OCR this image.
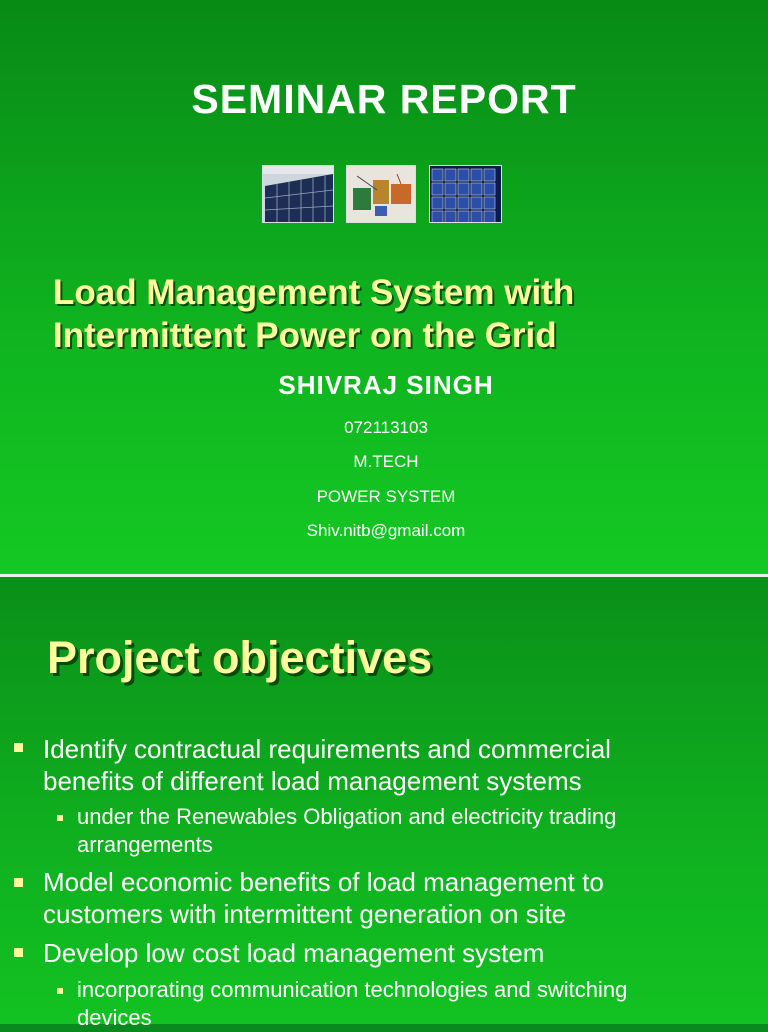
SEMINAR REPORT
Load Management System with
Intermittent Power on the Grid
SHIVRAJ SINGH
072113103
M.TECH
POWER SYSTEM
Shiv.nitb@gmail.com
Project objectives
Identify contractual requirements and commercial
benefits of different load management systems
under the Renewables Obligation and electricity trading
arrangements
Model economic benefits of load management to
customers with intermittent generation on site
Develop low cost load management system
incorporating communication technologies and switching
devices
